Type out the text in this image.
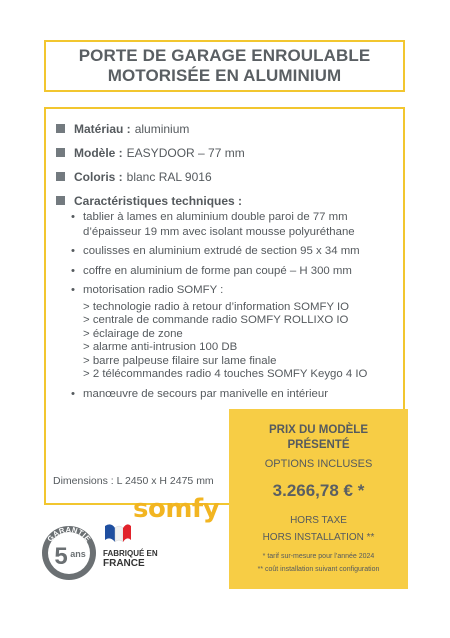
PORTE DE GARAGE ENROULABLE
MOTORISÉE EN ALUMINIUM
Matériau : aluminium
Modèle : EASYDOOR – 77 mm
Coloris : blanc RAL 9016
Caractéristiques techniques :
• tablier à lames en aluminium double paroi de 77 mm
d’épaisseur 19 mm avec isolant mousse polyuréthane
• coulisses en aluminium extrudé de section 95 x 34 mm
• coffre en aluminium de forme pan coupé – H 300 mm
• motorisation radio SOMFY :
> technologie radio à retour d’information SOMFY IO
> centrale de commande radio SOMFY ROLLIXO IO
> éclairage de zone
> alarme anti-intrusion 100 DB
> barre palpeuse filaire sur lame finale
> 2 télécommandes radio 4 touches SOMFY Keygo 4 IO
• manœuvre de secours par manivelle en intérieur
Dimensions : L 2450 x H 2475 mm
PRIX DU MODÈLE
PRÉSENTÉ
OPTIONS INCLUSES
3.266,78 € *
HORS TAXE
HORS INSTALLATION **
* tarif sur-mesure pour l’année 2024
** coût installation suivant configuration
somfy
GARANTIE
5 ans FABRIQUÉ EN
FRANCE
